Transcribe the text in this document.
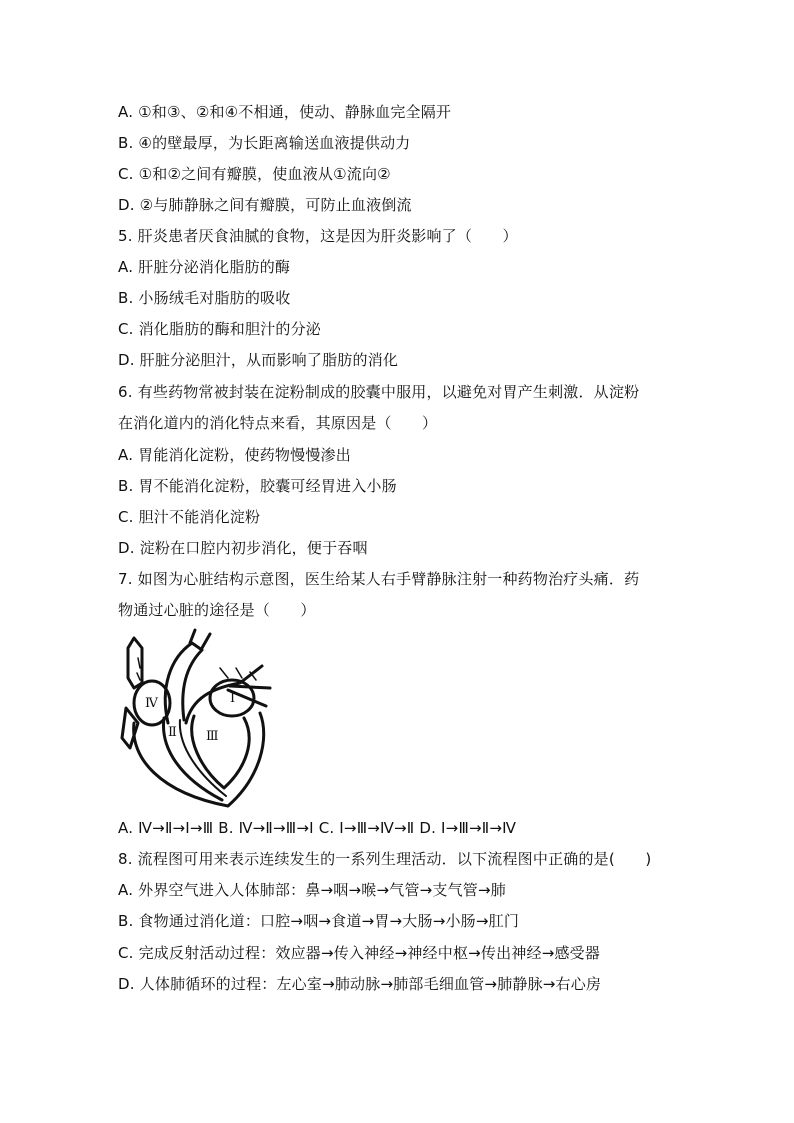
A. ①和③、②和④不相通，使动、静脉血完全隔开
B. ④的壁最厚，为长距离输送血液提供动力
C. ①和②之间有瓣膜，使血液从①流向②
D. ②与肺静脉之间有瓣膜，可防止血液倒流
5. 肝炎患者厌食油腻的食物，这是因为肝炎影响了（　　）
A. 肝脏分泌消化脂肪的酶
B. 小肠绒毛对脂肪的吸收
C. 消化脂肪的酶和胆汁的分泌
D. 肝脏分泌胆汁，从而影响了脂肪的消化
6. 有些药物常被封装在淀粉制成的胶囊中服用，以避免对胃产生刺激．从淀粉
在消化道内的消化特点来看，其原因是（　　）
A. 胃能消化淀粉，使药物慢慢渗出
B. 胃不能消化淀粉，胶囊可经胃进入小肠
C. 胆汁不能消化淀粉
D. 淀粉在口腔内初步消化，便于吞咽
7. 如图为心脏结构示意图，医生给某人右手臂静脉注射一种药物治疗头痛．药
物通过心脏的途径是（　　）
Ⅰ
Ⅱ Ⅲ
Ⅳ
A. Ⅳ→Ⅱ→Ⅰ→Ⅲ B. Ⅳ→Ⅱ→Ⅲ→Ⅰ C. Ⅰ→Ⅲ→Ⅳ→Ⅱ D. Ⅰ→Ⅲ→Ⅱ→Ⅳ
8. 流程图可用来表示连续发生的一系列生理活动．以下流程图中正确的是(　　)
A. 外界空气进入人体肺部：鼻→咽→喉→气管→支气管→肺
B. 食物通过消化道：口腔→咽→食道→胃→大肠→小肠→肛门
C. 完成反射活动过程：效应器→传入神经→神经中枢→传出神经→感受器
D. 人体肺循环的过程：左心室→肺动脉→肺部毛细血管→肺静脉→右心房
